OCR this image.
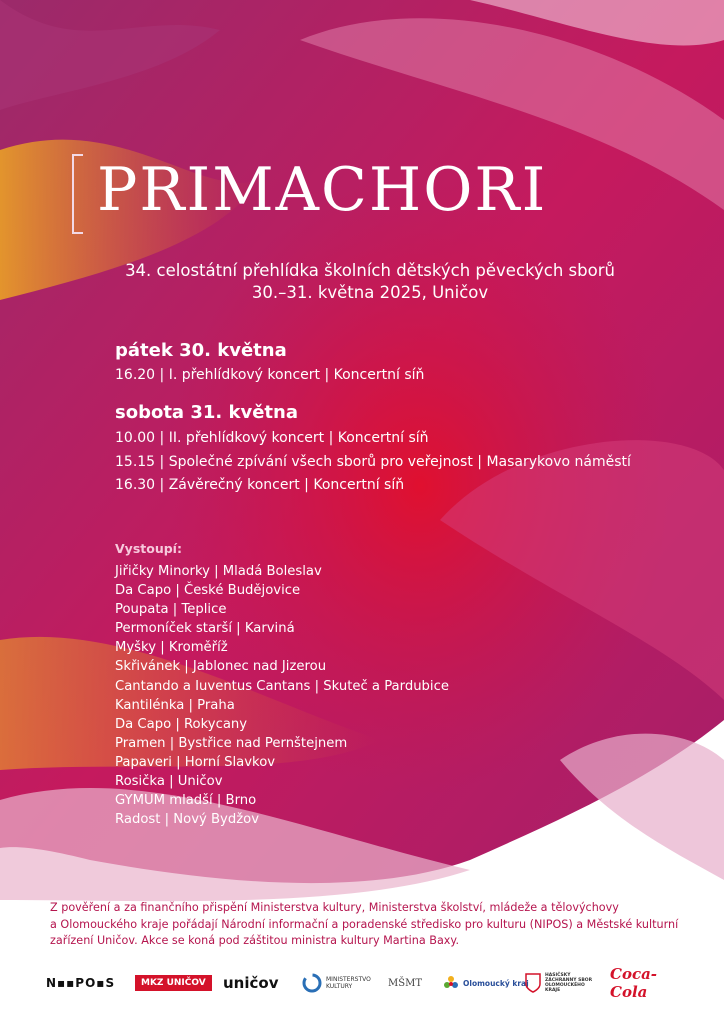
PRIMACHORI
34. celostátní přehlídka školních dětských pěveckých sborů
30.–31. května 2025, Uničov
pátek 30. května
16.20 | I. přehlídkový koncert | Koncertní síň
sobota 31. května
10.00 | II. přehlídkový koncert | Koncertní síň
15.15 | Společné zpívání všech sborů pro veřejnost | Masarykovo náměstí
16.30 | Závěrečný koncert | Koncertní síň
Vystoupí:
Jiřičky Minorky | Mladá Boleslav
Da Capo | České Budějovice
Poupata | Teplice
Permoníček starší | Karviná
Myšky | Kroměříž
Skřivánek | Jablonec nad Jizerou
Cantando a Iuventus Cantans | Skuteč a Pardubice
Kantilénka | Praha
Da Capo | Rokycany
Pramen | Bystřice nad Pernštejnem
Papaveri | Horní Slavkov
Rosička | Uničov
GYMUM mladší | Brno
Radost | Nový Bydžov
Z pověření a za finančního přispění Ministerstva kultury, Ministerstva školství, mládeže a tělovýchovy
a Olomouckého kraje pořádají Národní informační a poradenské středisko pro kulturu (NIPOS) a Městské kulturní
zařízení Uničov. Akce se koná pod záštitou ministra kultury Martina Baxy.
N▪▪PO▪S	MKZ UNIČOV	uničov	MINISTERSTVO
KULTURY	MŠMT	Olomoucký kraj
HASIČSKÝ ZÁCHRANNÝ SBOR OLOMOUCKÉHO KRAJE
Coca-Cola
